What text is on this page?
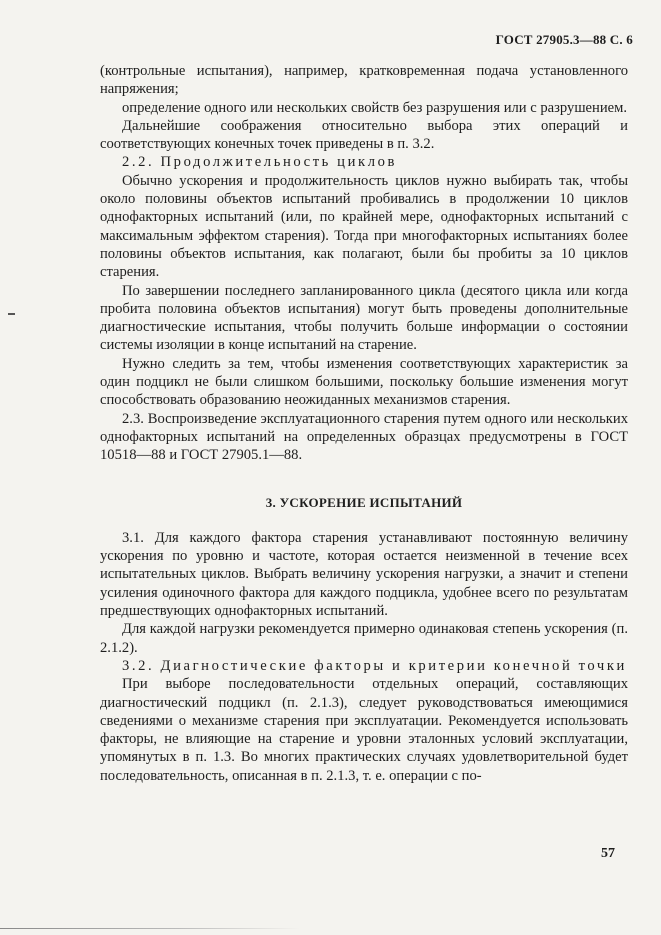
ГОСТ 27905.3—88 С. 6

(контрольные испытания), например, кратковременная подача установленного напряжения;

определение одного или нескольких свойств без разрушения или с разрушением.

Дальнейшие соображения относительно выбора этих операций и соответствующих конечных точек приведены в п. 3.2.

2.2. Продолжительность циклов

Обычно ускорения и продолжительность циклов нужно выбирать так, чтобы около половины объектов испытаний пробивались в продолжении 10 циклов однофакторных испытаний (или, по крайней мере, однофакторных испытаний с максимальным эффектом старения). Тогда при многофакторных испытаниях более половины объектов испытания, как полагают, были бы пробиты за 10 циклов старения.

По завершении последнего запланированного цикла (десятого цикла или когда пробита половина объектов испытания) могут быть проведены дополнительные диагностические испытания, чтобы получить больше информации о состоянии системы изоляции в конце испытаний на старение.

Нужно следить за тем, чтобы изменения соответствующих характеристик за один подцикл не были слишком большими, поскольку большие изменения могут способствовать образованию неожиданных механизмов старения.

2.3. Воспроизведение эксплуатационного старения путем одного или нескольких однофакторных испытаний на определенных образцах предусмотрены в ГОСТ 10518—88 и ГОСТ 27905.1—88.

3. УСКОРЕНИЕ ИСПЫТАНИЙ

3.1. Для каждого фактора старения устанавливают постоянную величину ускорения по уровню и частоте, которая остается неизменной в течение всех испытательных циклов. Выбрать величину ускорения нагрузки, а значит и степени усиления одиночного фактора для каждого подцикла, удобнее всего по результатам предшествующих однофакторных испытаний.

Для каждой нагрузки рекомендуется примерно одинаковая степень ускорения (п. 2.1.2).

3.2. Диагностические факторы и критерии конечной точки

При выборе последовательности отдельных операций, составляющих диагностический подцикл (п. 2.1.3), следует руководствоваться имеющимися сведениями о механизме старения при эксплуатации. Рекомендуется использовать факторы, не влияющие на старение и уровни эталонных условий эксплуатации, упомянутых в п. 1.3. Во многих практических случаях удовлетворительной будет последовательность, описанная в п. 2.1.3, т. е. операции с по-

57
